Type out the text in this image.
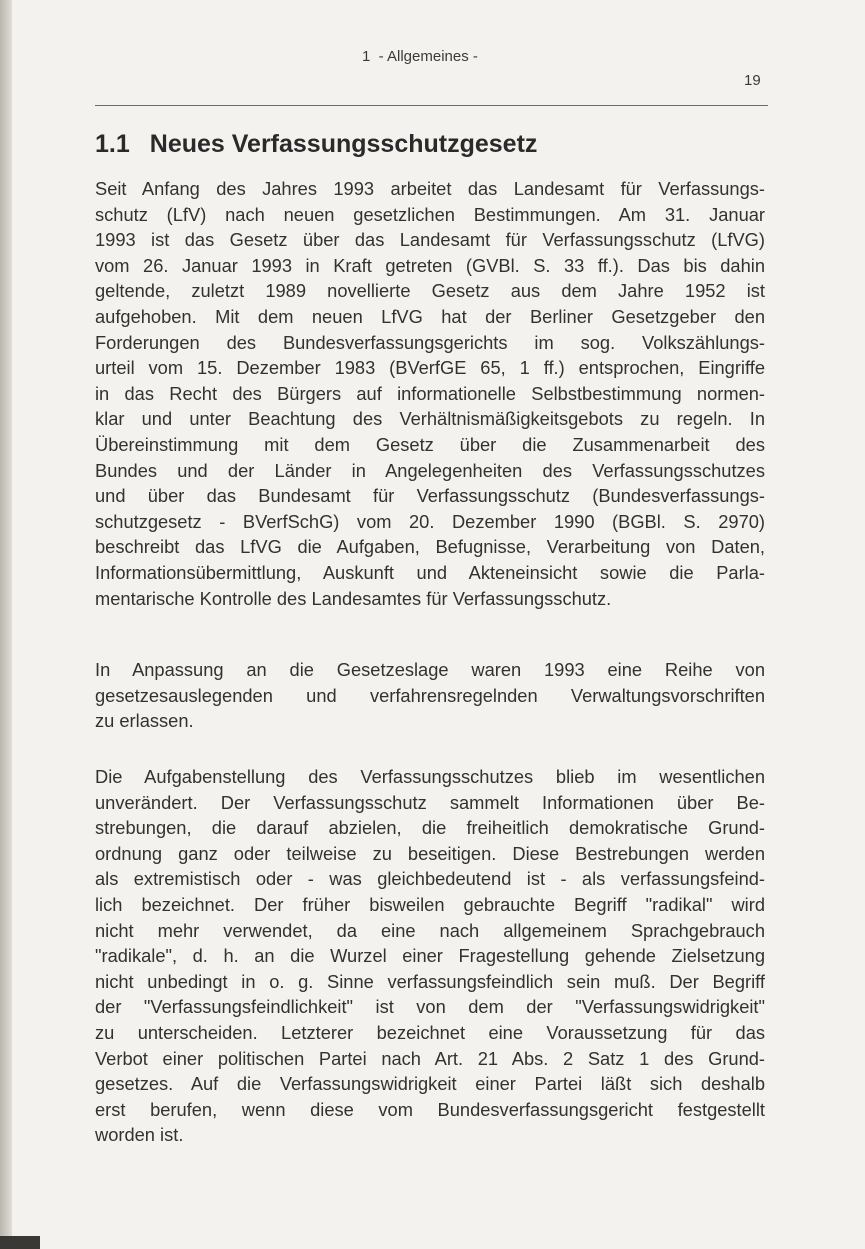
1  - Allgemeines -
19
1.1 Neues Verfassungsschutzgesetz
Seit Anfang des Jahres 1993 arbeitet das Landesamt für Verfassungs-
schutz (LfV) nach neuen gesetzlichen Bestimmungen. Am 31. Januar
1993 ist das Gesetz über das Landesamt für Verfassungsschutz (LfVG)
vom 26. Januar 1993 in Kraft getreten (GVBl. S. 33 ff.). Das bis dahin
geltende, zuletzt 1989 novellierte Gesetz aus dem Jahre 1952 ist
aufgehoben. Mit dem neuen LfVG hat der Berliner Gesetzgeber den
Forderungen des Bundesverfassungsgerichts im sog. Volkszählungs-
urteil vom 15. Dezember 1983 (BVerfGE 65, 1 ff.) entsprochen, Eingriffe
in das Recht des Bürgers auf informationelle Selbstbestimmung normen-
klar und unter Beachtung des Verhältnismäßigkeitsgebots zu regeln. In
Übereinstimmung mit dem Gesetz über die Zusammenarbeit des
Bundes und der Länder in Angelegenheiten des Verfassungsschutzes
und über das Bundesamt für Verfassungsschutz (Bundesverfassungs-
schutzgesetz - BVerfSchG) vom 20. Dezember 1990 (BGBl. S. 2970)
beschreibt das LfVG die Aufgaben, Befugnisse, Verarbeitung von Daten,
Informationsübermittlung, Auskunft und Akteneinsicht sowie die Parla-
mentarische Kontrolle des Landesamtes für Verfassungsschutz.
In Anpassung an die Gesetzeslage waren 1993 eine Reihe von
gesetzesauslegenden und verfahrensregelnden Verwaltungsvorschriften
zu erlassen.
Die Aufgabenstellung des Verfassungsschutzes blieb im wesentlichen
unverändert. Der Verfassungsschutz sammelt Informationen über Be-
strebungen, die darauf abzielen, die freiheitlich demokratische Grund-
ordnung ganz oder teilweise zu beseitigen. Diese Bestrebungen werden
als extremistisch oder - was gleichbedeutend ist - als verfassungsfeind-
lich bezeichnet. Der früher bisweilen gebrauchte Begriff "radikal" wird
nicht mehr verwendet, da eine nach allgemeinem Sprachgebrauch
"radikale", d. h. an die Wurzel einer Fragestellung gehende Zielsetzung
nicht unbedingt in o. g. Sinne verfassungsfeindlich sein muß. Der Begriff
der "Verfassungsfeindlichkeit" ist von dem der "Verfassungswidrigkeit"
zu unterscheiden. Letzterer bezeichnet eine Voraussetzung für das
Verbot einer politischen Partei nach Art. 21 Abs. 2 Satz 1 des Grund-
gesetzes. Auf die Verfassungswidrigkeit einer Partei läßt sich deshalb
erst berufen, wenn diese vom Bundesverfassungsgericht festgestellt
worden ist.
